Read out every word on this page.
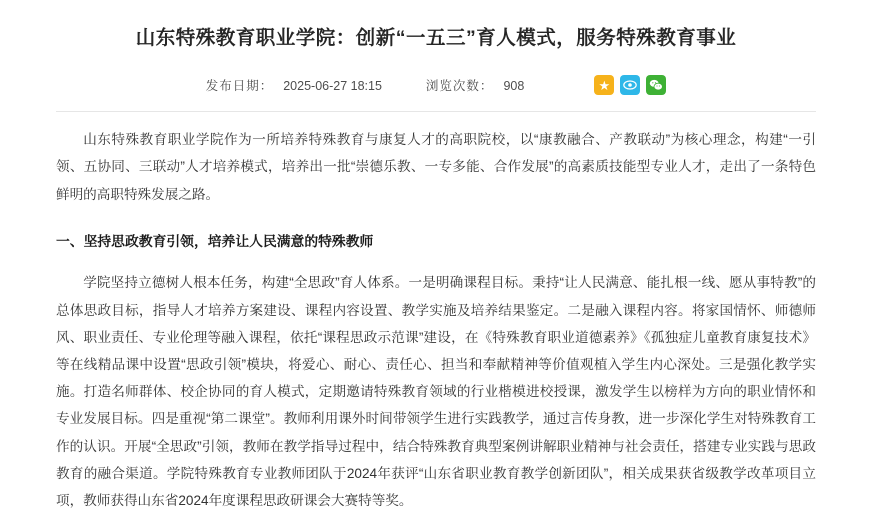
山东特殊教育职业学院：创新“一五三”育人模式，服务特殊教育事业
发布日期： 2025-06-27 18:15	浏览次数： 908	★

山东特殊教育职业学院作为一所培养特殊教育与康复人才的高职院校，以“康教融合、产教联动”为核心理念，构建“一引领、五协同、三联动”人才培养模式，培养出一批“崇德乐教、一专多能、合作发展”的高素质技能型专业人才，走出了一条特色鲜明的高职特殊发展之路。

一、坚持思政教育引领，培养让人民满意的特殊教师

学院坚持立德树人根本任务，构建“全思政”育人体系。一是明确课程目标。秉持“让人民满意、能扎根一线、愿从事特教”的总体思政目标，指导人才培养方案建设、课程内容设置、教学实施及培养结果鉴定。二是融入课程内容。将家国情怀、师德师风、职业责任、专业伦理等融入课程，依托“课程思政示范课”建设，在《特殊教育职业道德素养》《孤独症儿童教育康复技术》等在线精品课中设置“思政引领”模块，将爱心、耐心、责任心、担当和奉献精神等价值观植入学生内心深处。三是强化教学实施。打造名师群体、校企协同的育人模式，定期邀请特殊教育领域的行业楷模进校授课，激发学生以榜样为方向的职业情怀和专业发展目标。四是重视“第二课堂”。教师利用课外时间带领学生进行实践教学，通过言传身教，进一步深化学生对特殊教育工作的认识。开展“全思政”引领，教师在教学指导过程中，结合特殊教育典型案例讲解职业精神与社会责任，搭建专业实践与思政教育的融合渠道。学院特殊教育专业教师团队于2024年获评“山东省职业教育教学创新团队”，相关成果获省级教学改革项目立项，教师获得山东省2024年度课程思政研课会大赛特等奖。
